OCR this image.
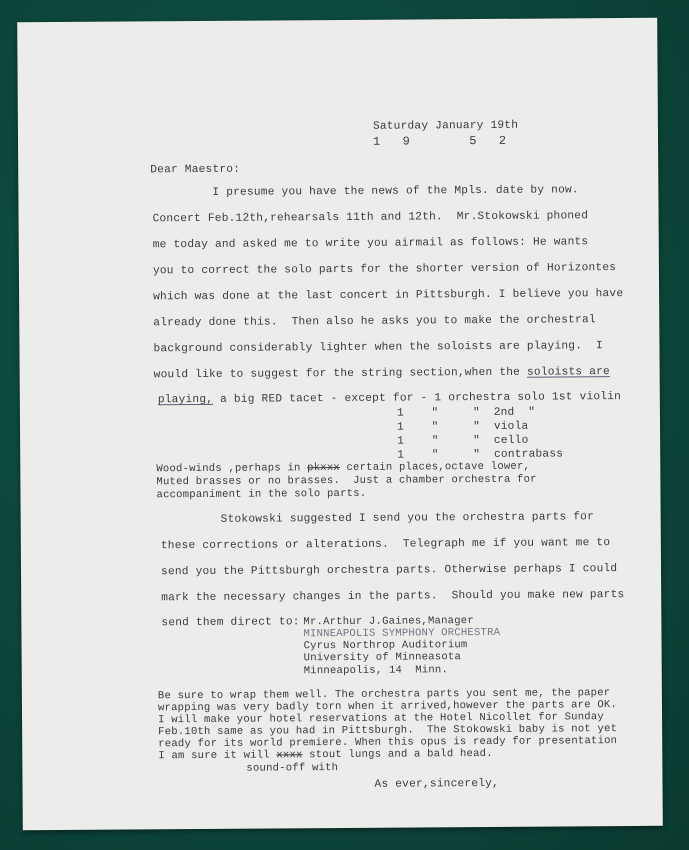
Saturday January 19th
1   9        5   2
Dear Maestro:
I presume you have the news of the Mpls. date by now.
Concert Feb.12th,rehearsals 11th and 12th.  Mr.Stokowski phoned
me today and asked me to write you airmail as follows: He wants
you to correct the solo parts for the shorter version of Horizontes
which was done at the last concert in Pittsburgh. I believe you have
already done this.  Then also he asks you to make the orchestral
background considerably lighter when the soloists are playing.  I
would like to suggest for the string section,when the soloists are
playing, a big RED tacet - except for - 1 orchestra solo 1st violin
1    "     "  2nd  "
1    "     "  viola
1    "     "  cello
1    "     "  contrabass
Wood-winds ,perhaps in pkxxx certain places,octave lower,
Muted brasses or no brasses.  Just a chamber orchestra for
accompaniment in the solo parts.
Stokowski suggested I send you the orchestra parts for
these corrections or alterations.  Telegraph me if you want me to
send you the Pittsburgh orchestra parts. Otherwise perhaps I could
mark the necessary changes in the parts.  Should you make new parts
send them direct to: Mr.Arthur J.Gaines,Manager
MINNEAPOLIS SYMPHONY ORCHESTRA
Cyrus Northrop Auditorium
University of Minneasota
Minneapolis, 14  Minn.
Be sure to wrap them well. The orchestra parts you sent me, the paper
wrapping was very badly torn when it arrived,however the parts are OK.
I will make your hotel reservations at the Hotel Nicollet for Sunday
Feb.10th same as you had in Pittsburgh.  The Stokowski baby is not yet
ready for its world premiere. When this opus is ready for presentation
I am sure it will xxxx stout lungs and a bald head.
sound-off with
As ever,sincerely,
